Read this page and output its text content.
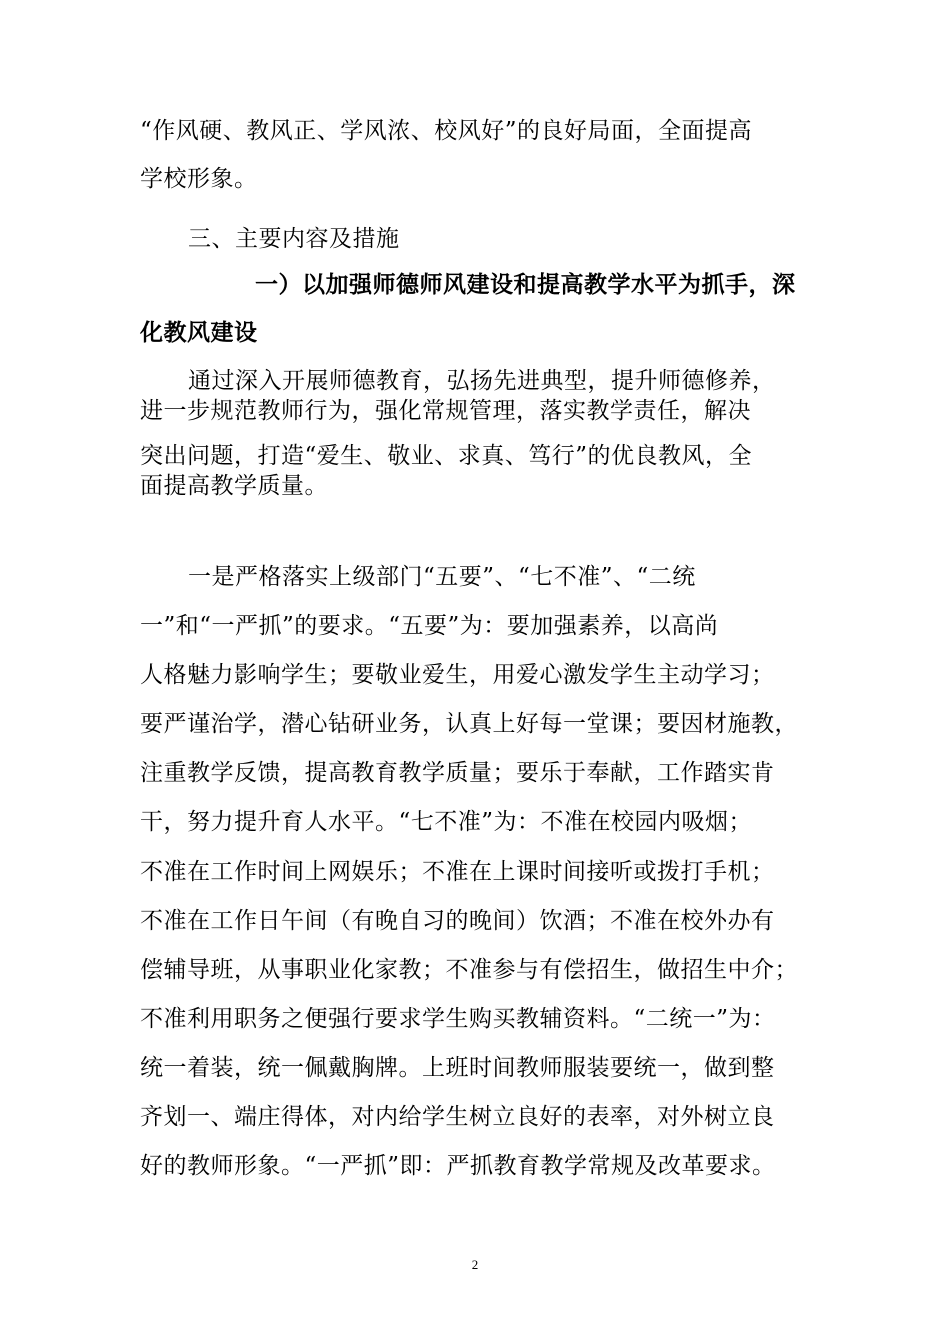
“作风硬、教风正、学风浓、校风好”的良好局面，全面提高
学校形象。
三、主要内容及措施
一）以加强师德师风建设和提高教学水平为抓手，深
化教风建设
通过深入开展师德教育，弘扬先进典型，提升师德修养，
进一步规范教师行为，强化常规管理，落实教学责任，解决
突出问题，打造“爱生、敬业、求真、笃行”的优良教风，全
面提高教学质量。
一是严格落实上级部门“五要”、“七不准”、“二统
一”和“一严抓”的要求。“五要”为：要加强素养，以高尚
人格魅力影响学生；要敬业爱生，用爱心激发学生主动学习；
要严谨治学，潜心钻研业务，认真上好每一堂课；要因材施教，
注重教学反馈，提高教育教学质量；要乐于奉献，工作踏实肯
干，努力提升育人水平。“七不准”为：不准在校园内吸烟；
不准在工作时间上网娱乐；不准在上课时间接听或拨打手机；
不准在工作日午间（有晚自习的晚间）饮酒；不准在校外办有
偿辅导班，从事职业化家教；不准参与有偿招生，做招生中介；
不准利用职务之便强行要求学生购买教辅资料。“二统一”为：
统一着装，统一佩戴胸牌。上班时间教师服装要统一，做到整
齐划一、端庄得体，对内给学生树立良好的表率，对外树立良
好的教师形象。“一严抓”即：严抓教育教学常规及改革要求。
2
